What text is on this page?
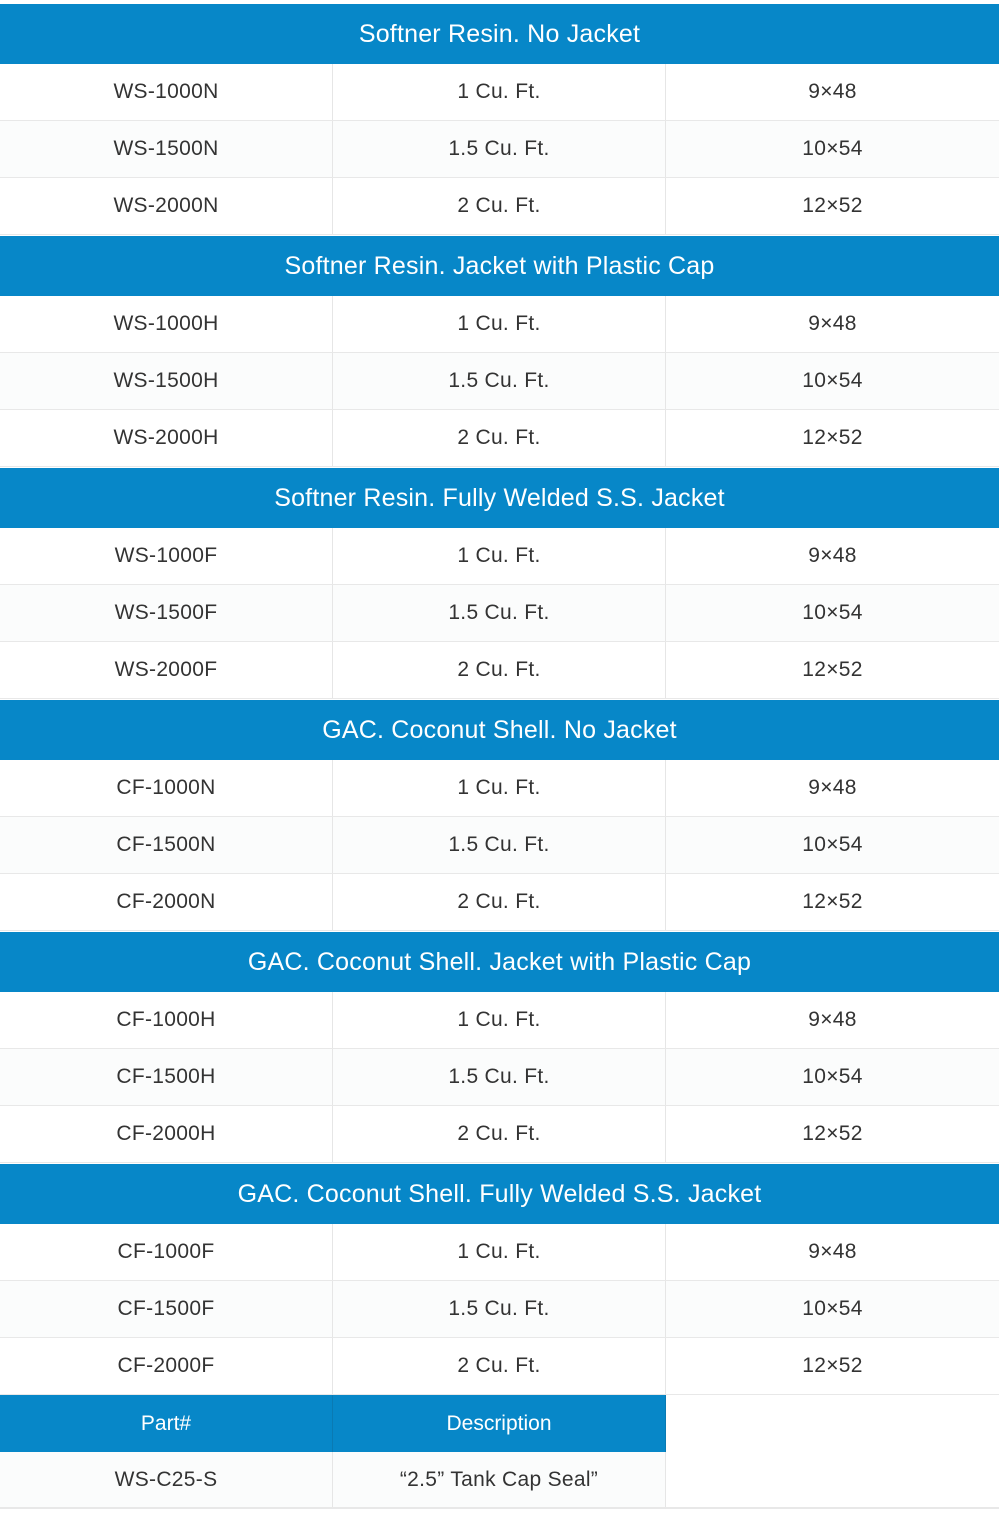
Softner Resin. No Jacket
WS-1000N	1 Cu. Ft.	9×48
WS-1500N	1.5 Cu. Ft.	10×54
WS-2000N	2 Cu. Ft.	12×52
Softner Resin. Jacket with Plastic Cap
WS-1000H	1 Cu. Ft.	9×48
WS-1500H	1.5 Cu. Ft.	10×54
WS-2000H	2 Cu. Ft.	12×52
Softner Resin. Fully Welded S.S. Jacket
WS-1000F	1 Cu. Ft.	9×48
WS-1500F	1.5 Cu. Ft.	10×54
WS-2000F	2 Cu. Ft.	12×52
GAC. Coconut Shell. No Jacket
CF-1000N	1 Cu. Ft.	9×48
CF-1500N	1.5 Cu. Ft.	10×54
CF-2000N	2 Cu. Ft.	12×52
GAC. Coconut Shell. Jacket with Plastic Cap
CF-1000H	1 Cu. Ft.	9×48
CF-1500H	1.5 Cu. Ft.	10×54
CF-2000H	2 Cu. Ft.	12×52
GAC. Coconut Shell. Fully Welded S.S. Jacket
CF-1000F	1 Cu. Ft.	9×48
CF-1500F	1.5 Cu. Ft.	10×54
CF-2000F	2 Cu. Ft.	12×52
Part#	Description
WS-C25-S	“2.5” Tank Cap Seal”
